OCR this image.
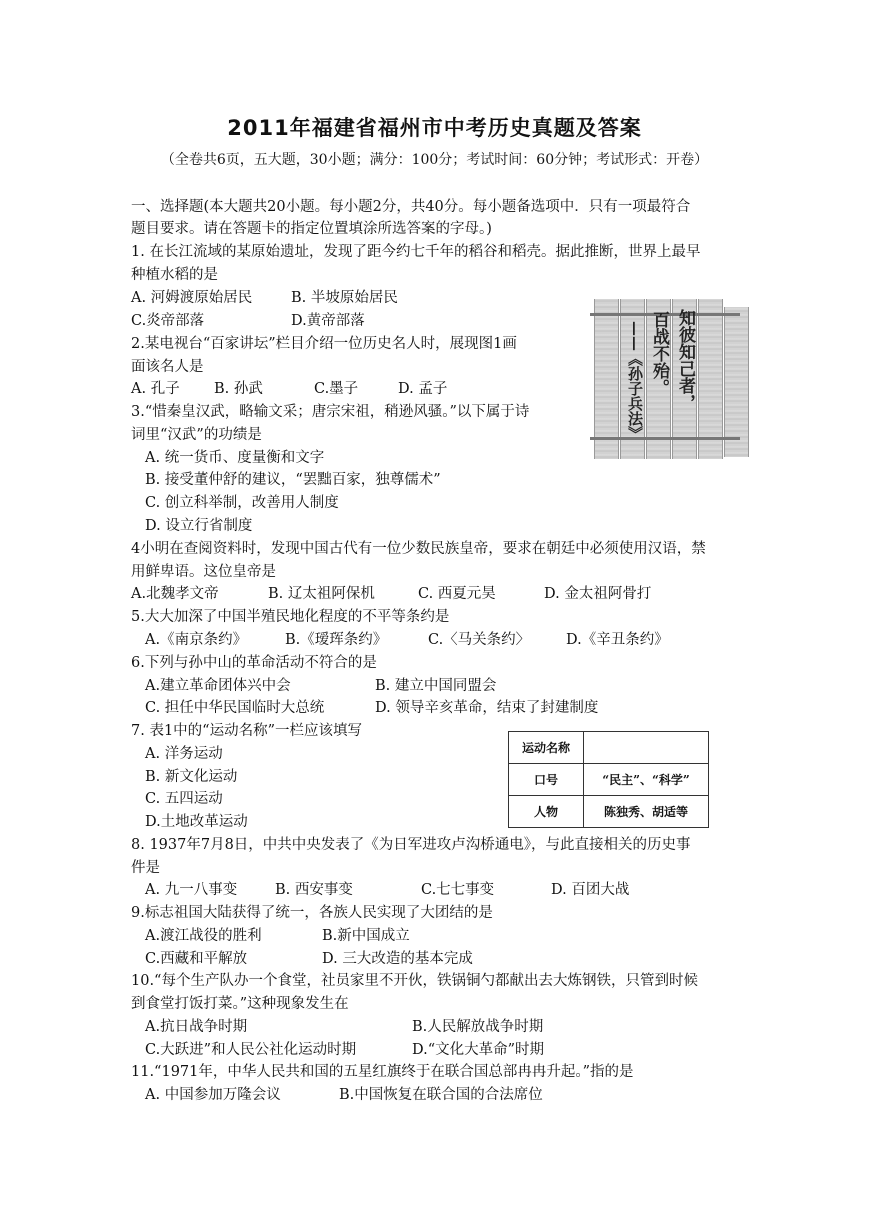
2011年福建省福州市中考历史真题及答案
（全卷共6页，五大题，30小题；满分：100分；考试时间：60分钟；考试形式：开卷）
一、选择题(本大题共20小题。每小题2分，共40分。每小题备选项中．只有一项最符合
题目要求。请在答题卡的指定位置填涂所选答案的字母。)
1. 在长江流域的某原始遗址，发现了距今约七千年的稻谷和稻壳。据此推断，世界上最早
种植水稻的是
A. 河姆渡原始居民	B. 半坡原始居民
C.炎帝部落	D.黄帝部落
2.某电视台“百家讲坛”栏目介绍一位历史名人时，展现图1画
面该名人是
A. 孔子 B. 孙武	C.墨子	D. 孟子
3.“惜秦皇汉武，略输文采；唐宗宋祖，稍逊风骚。”以下属于诗
词里“汉武”的功绩是
A. 统一货币、度量衡和文字
B. 接受董仲舒的建议，“罢黜百家，独尊儒术”
C. 创立科举制，改善用人制度
D. 设立行省制度
知彼知己者，
百战不殆。
——《孙子兵法》
4小明在查阅资料时，发现中国古代有一位少数民族皇帝，要求在朝廷中必须使用汉语，禁
用鲜卑语。这位皇帝是
A.北魏孝文帝	B. 辽太祖阿保机	C. 西夏元昊	D. 金太祖阿骨打
5.大大加深了中国半殖民地化程度的不平等条约是
A.《南京条约》	B.《瑷珲条约》	C.〈马关条约〉 D.《辛丑条约》
6.下列与孙中山的革命活动不符合的是
A.建立革命团体兴中会	B. 建立中国同盟会
C. 担任中华民国临时大总统	D. 领导辛亥革命，结束了封建制度
7. 表1中的“运动名称”一栏应该填写
A. 洋务运动
B. 新文化运动
C. 五四运动
D.土地改革运动
运动名称	
口号	“民主”、“科学”
人物	陈独秀、胡适等
8. 1937年7月8日，中共中央发表了《为日军进攻卢沟桥通电》，与此直接相关的历史事
件是
A. 九一八事变	B. 西安事变	C.七七事变	D. 百团大战
9.标志祖国大陆获得了统一，各族人民实现了大团结的是
A.渡江战役的胜利	B.新中国成立
C.西藏和平解放	D. 三大改造的基本完成
10.“每个生产队办一个食堂，社员家里不开伙，铁锅铜勺都献出去大炼钢铁，只管到时候
到食堂打饭打菜。”这种现象发生在
A.抗日战争时期	B.人民解放战争时期
C.大跃进”和人民公社化运动时期	D.“文化大革命”时期
11.“1971年，中华人民共和国的五星红旗终于在联合国总部冉冉升起。”指的是
A. 中国参加万隆会议	B.中国恢复在联合国的合法席位
